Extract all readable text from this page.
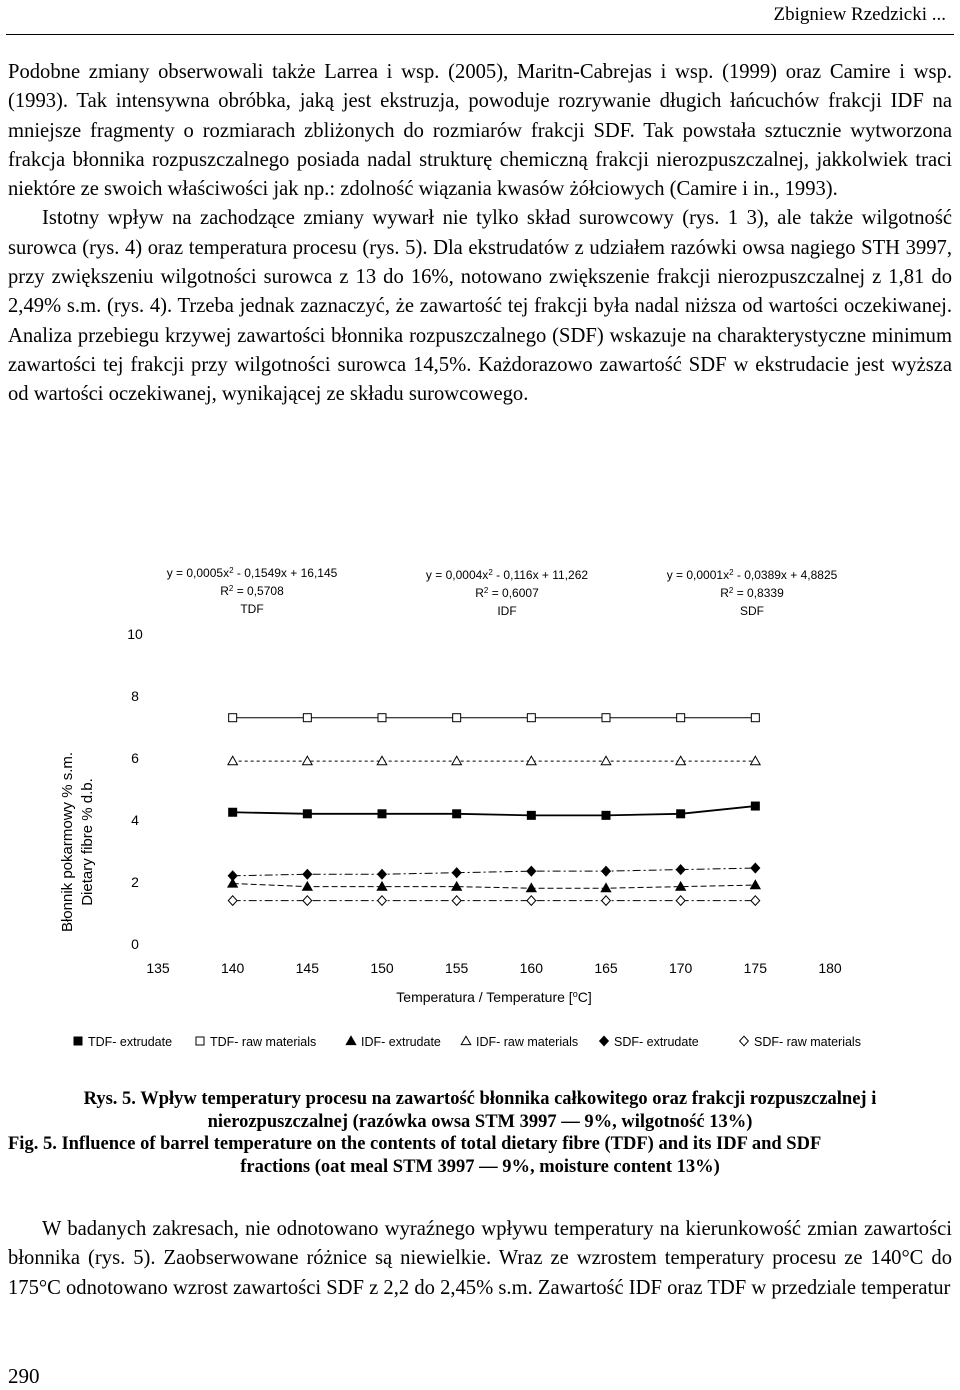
Zbigniew Rzedzicki ...

Podobne zmiany obserwowali także Larrea i wsp. (2005), Maritn-Cabrejas i wsp. (1999) oraz Camire i wsp. (1993). Tak intensywna obróbka, jaką jest ekstruzja, powoduje rozrywanie długich łańcuchów frakcji IDF na mniejsze fragmenty o rozmiarach zbliżonych do rozmiarów frakcji SDF. Tak powstała sztucznie wytworzona frakcja błonnika rozpuszczalnego posiada nadal strukturę chemiczną frakcji nierozpuszczalnej, jakkolwiek traci niektóre ze swoich właściwości jak np.: zdolność wiązania kwasów żółciowych (Camire i in., 1993).
Istotny wpływ na zachodzące zmiany wywarł nie tylko skład surowcowy (rys. 1 3), ale także wilgotność surowca (rys. 4) oraz temperatura procesu (rys. 5). Dla ekstrudatów z udziałem razówki owsa nagiego STH 3997, przy zwiększeniu wilgotności surowca z 13 do 16%, notowano zwiększenie frakcji nierozpuszczalnej z 1,81 do 2,49% s.m. (rys. 4). Trzeba jednak zaznaczyć, że zawartość tej frakcji była nadal niższa od wartości oczekiwanej. Analiza przebiegu krzywej zawartości błonnika rozpuszczalnego (SDF) wskazuje na charakterystyczne minimum zawartości tej frakcji przy wilgotności surowca 14,5%. Każdorazowo zawartość SDF w ekstrudacie jest wyższa od wartości oczekiwanej, wynikającej ze składu surowcowego.

$y = 0,0005x^2 - 0,1549x + 16,145$
$R^2 = 0,5708$
TDF
$y = 0,0004x^2 - 0,116x + 11,262$
$R^2 = 0,6007$
IDF
$y = 0,0001x^2 - 0,0389x + 4,8825$
$R^2 = 0,8339$
SDF
Błonnik pokarmowy % s.m. Dietary fibre % d.b.
0
2
4
6
8
10
135	140	145	150	155	160	165	170	175	180
Temperatura / Temperature [$^o$C]
TDF- extrudate	TDF- raw materials	IDF- extrudate	IDF- raw materials	SDF- extrudate	SDF- raw materials
Rys. 5. Wpływ temperatury procesu na zawartość błonnika całkowitego oraz frakcji rozpuszczalnej i
nierozpuszczalnej (razówka owsa STM 3997 — 9%, wilgotność 13%)
Fig. 5. Influence of barrel temperature on the contents of total dietary fibre (TDF) and its IDF and SDF
fractions (oat meal STM 3997 — 9%, moisture content 13%)

W badanych zakresach, nie odnotowano wyraźnego wpływu temperatury na kierunkowość zmian zawartości błonnika (rys. 5). Zaobserwowane różnice są niewielkie. Wraz ze wzrostem temperatury procesu ze 140°C do 175°C odnotowano wzrost zawartości SDF z 2,2 do 2,45% s.m. Zawartość IDF oraz TDF w przedziale temperatur

290
